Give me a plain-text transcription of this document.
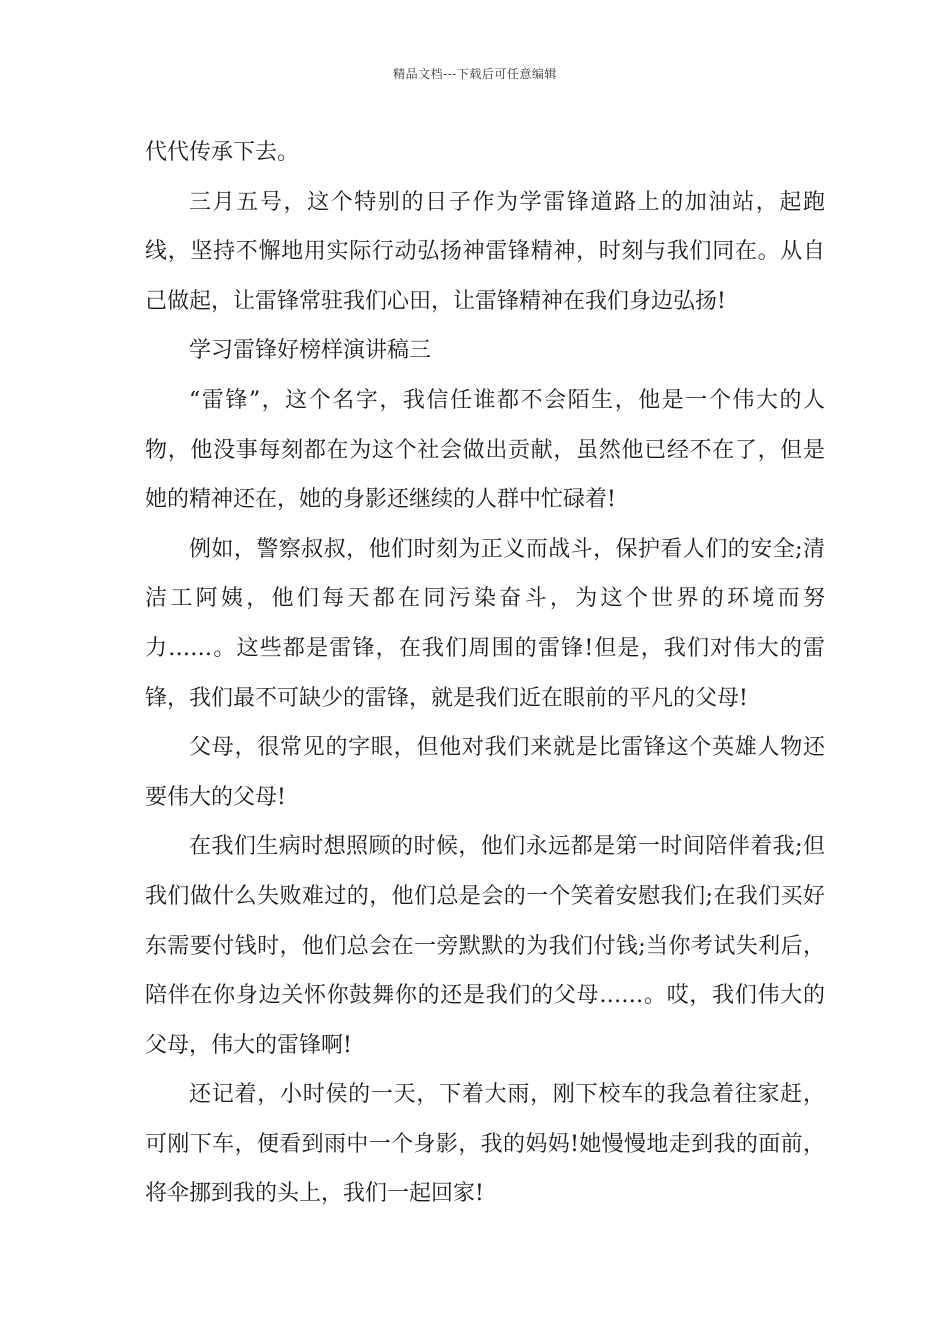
精品文档---下载后可任意编辑

代代传承下去。

三月五号，这个特别的日子作为学雷锋道路上的加油站，起跑线，坚持不懈地用实际行动弘扬神雷锋精神，时刻与我们同在。从自己做起，让雷锋常驻我们心田，让雷锋精神在我们身边弘扬!

学习雷锋好榜样演讲稿三

“雷锋”，这个名字，我信任谁都不会陌生，他是一个伟大的人物，他没事每刻都在为这个社会做出贡献，虽然他已经不在了，但是她的精神还在，她的身影还继续的人群中忙碌着!

例如，警察叔叔，他们时刻为正义而战斗，保护看人们的安全;清洁工阿姨，他们每天都在同污染奋斗，为这个世界的环境而努力……。这些都是雷锋，在我们周围的雷锋!但是，我们对伟大的雷锋，我们最不可缺少的雷锋，就是我们近在眼前的平凡的父母!

父母，很常见的字眼，但他对我们来就是比雷锋这个英雄人物还要伟大的父母!

在我们生病时想照顾的时候，他们永远都是第一时间陪伴着我;但我们做什么失败难过的，他们总是会的一个笑着安慰我们;在我们买好东需要付钱时，他们总会在一旁默默的为我们付钱;当你考试失利后，陪伴在你身边关怀你鼓舞你的还是我们的父母……。哎，我们伟大的父母，伟大的雷锋啊!

还记着，小时侯的一天，下着大雨，刚下校车的我急着往家赶，可刚下车，便看到雨中一个身影，我的妈妈!她慢慢地走到我的面前，将伞挪到我的头上，我们一起回家!
